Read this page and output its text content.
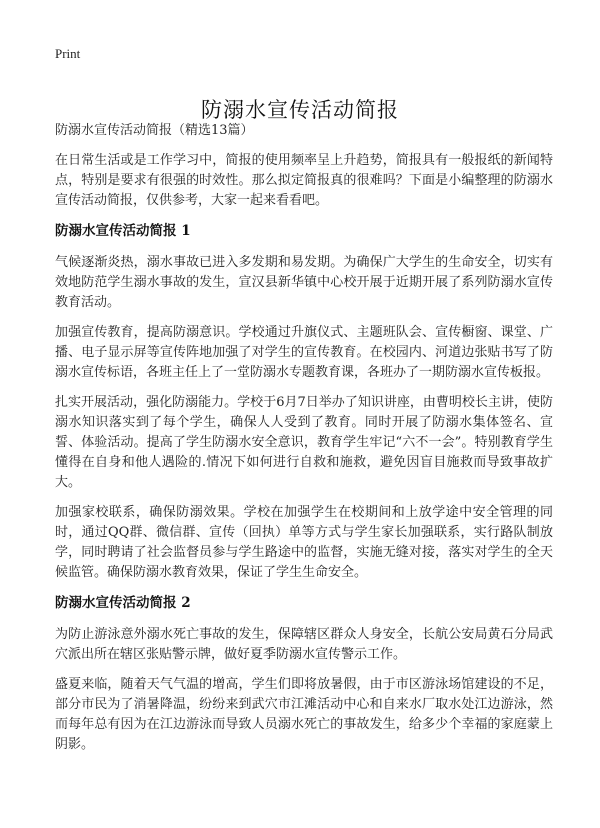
Print
防溺水宣传活动简报
防溺水宣传活动简报（精选13篇）

在日常生活或是工作学习中，简报的使用频率呈上升趋势，简报具有一般报纸的新闻特点，特别是要求有很强的时效性。那么拟定简报真的很难吗？下面是小编整理的防溺水宣传活动简报，仅供参考，大家一起来看看吧。

防溺水宣传活动简报 1

气候逐渐炎热，溺水事故已进入多发期和易发期。为确保广大学生的生命安全，切实有效地防范学生溺水事故的发生，宣汉县新华镇中心校开展于近期开展了系列防溺水宣传教育活动。

加强宣传教育，提高防溺意识。学校通过升旗仪式、主题班队会、宣传橱窗、课堂、广播、电子显示屏等宣传阵地加强了对学生的宣传教育。在校园内、河道边张贴书写了防溺水宣传标语，各班主任上了一堂防溺水专题教育课，各班办了一期防溺水宣传板报。

扎实开展活动，强化防溺能力。学校于6月7日举办了知识讲座，由曹明校长主讲，使防溺水知识落实到了每个学生，确保人人受到了教育。同时开展了防溺水集体签名、宣誓、体验活动。提高了学生防溺水安全意识，教育学生牢记“六不一会”。特别教育学生懂得在自身和他人遇险的.情况下如何进行自救和施救，避免因盲目施救而导致事故扩大。

加强家校联系，确保防溺效果。学校在加强学生在校期间和上放学途中安全管理的同时，通过QQ群、微信群、宣传（回执）单等方式与学生家长加强联系，实行路队制放学，同时聘请了社会监督员参与学生路途中的监督，实施无缝对接，落实对学生的全天候监管。确保防溺水教育效果，保证了学生生命安全。

防溺水宣传活动简报 2

为防止游泳意外溺水死亡事故的发生，保障辖区群众人身安全，长航公安局黄石分局武穴派出所在辖区张贴警示牌，做好夏季防溺水宣传警示工作。

盛夏来临，随着天气气温的增高，学生们即将放暑假，由于市区游泳场馆建设的不足，部分市民为了消暑降温，纷纷来到武穴市江滩活动中心和自来水厂取水处江边游泳，然而每年总有因为在江边游泳而导致人员溺水死亡的事故发生，给多少个幸福的家庭蒙上阴影。
